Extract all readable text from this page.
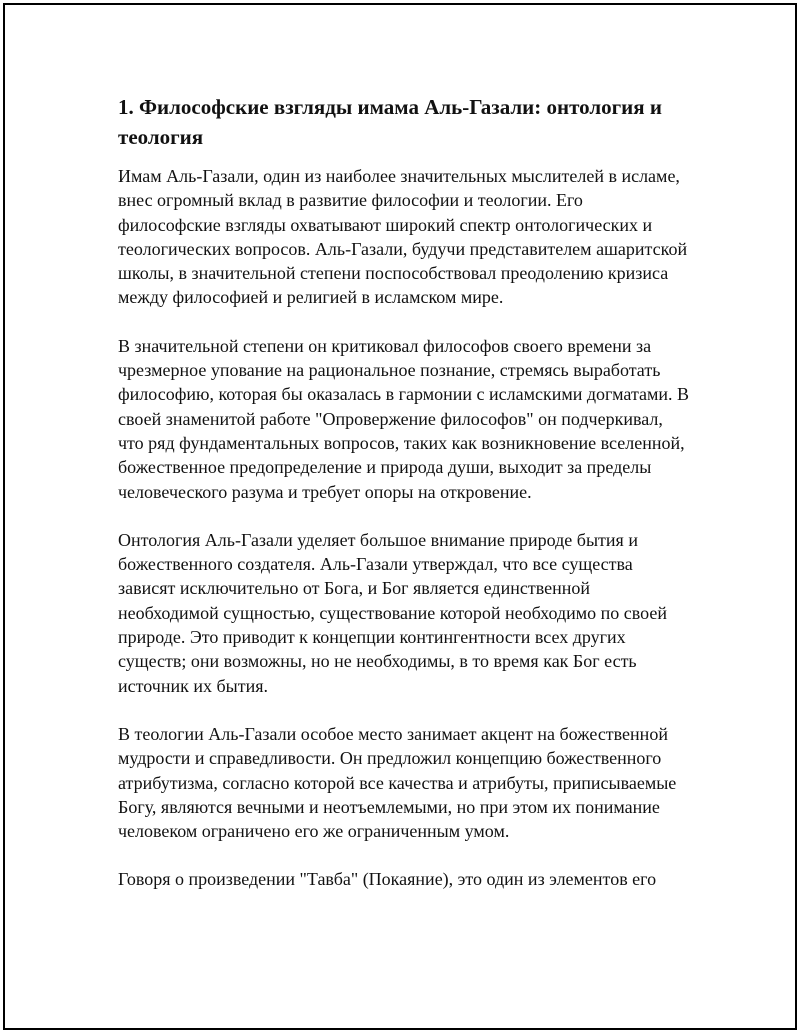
1. Философские взгляды имама Аль-Газали: онтология и теология

Имам Аль-Газали, один из наиболее значительных мыслителей в исламе, внес огромный вклад в развитие философии и теологии. Его философские взгляды охватывают широкий спектр онтологических и теологических вопросов. Аль-Газали, будучи представителем ашаритской школы, в значительной степени поспособствовал преодолению кризиса между философией и религией в исламском мире.

В значительной степени он критиковал философов своего времени за чрезмерное упование на рациональное познание, стремясь выработать философию, которая бы оказалась в гармонии с исламскими догматами. В своей знаменитой работе "Опровержение философов" он подчеркивал, что ряд фундаментальных вопросов, таких как возникновение вселенной, божественное предопределение и природа души, выходит за пределы человеческого разума и требует опоры на откровение.

Онтология Аль-Газали уделяет большое внимание природе бытия и божественного создателя. Аль-Газали утверждал, что все существа зависят исключительно от Бога, и Бог является единственной необходимой сущностью, существование которой необходимо по своей природе. Это приводит к концепции контингентности всех других существ; они возможны, но не необходимы, в то время как Бог есть источник их бытия.

В теологии Аль-Газали особое место занимает акцент на божественной мудрости и справедливости. Он предложил концепцию божественного атрибутизма, согласно которой все качества и атрибуты, приписываемые Богу, являются вечными и неотъемлемыми, но при этом их понимание человеком ограничено его же ограниченным умом.

Говоря о произведении "Тавба" (Покаяние), это один из элементов его
